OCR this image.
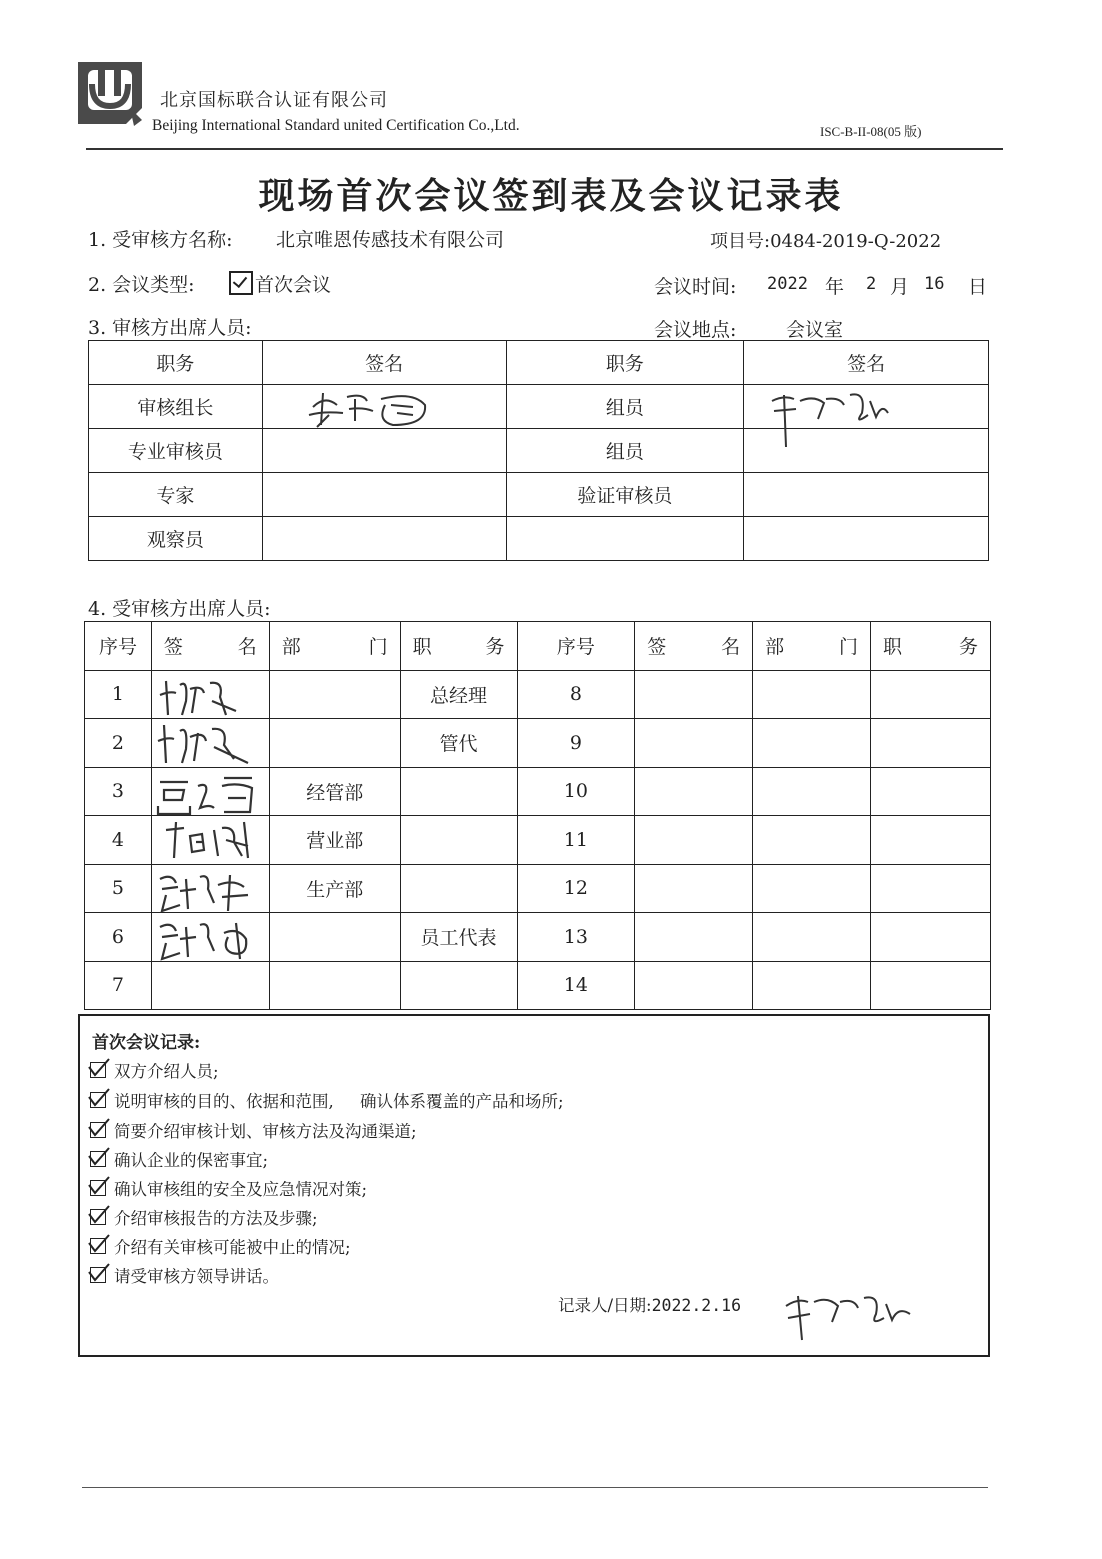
北京国标联合认证有限公司
Beijing International Standard united Certification Co.,Ltd.	ISC-B-II-08(05 版)
现场首次会议签到表及会议记录表
1. 受审核方名称: 北京唯恩传感技术有限公司	项目号:0484-2019-Q-2022
2. 会议类型:	首次会议	会议时间: 2022 年 2 月 16 日
3. 审核方出席人员:	会议地点:	会议室
职务	签名	职务	签名
审核组长		组员	

专业审核员		组员	
专家		验证审核员	
观察员			
4. 受审核方出席人员:
序号	签 名	部 门	职 务	序号	签 名	部 门	职 务

1			总经理	8			
2			管代	9			
3		经管部		10			
4		营业部		11			
5		生产部		12			
6			员工代表	13			
7				14			
首次会议记录:
双方介绍人员;
说明审核的目的、依据和范围,     确认体系覆盖的产品和场所;
简要介绍审核计划、审核方法及沟通渠道;
确认企业的保密事宜;
确认审核组的安全及应急情况对策;
介绍审核报告的方法及步骤;
介绍有关审核可能被中止的情况;
请受审核方领导讲话。
记录人/日期:2022.2.16
